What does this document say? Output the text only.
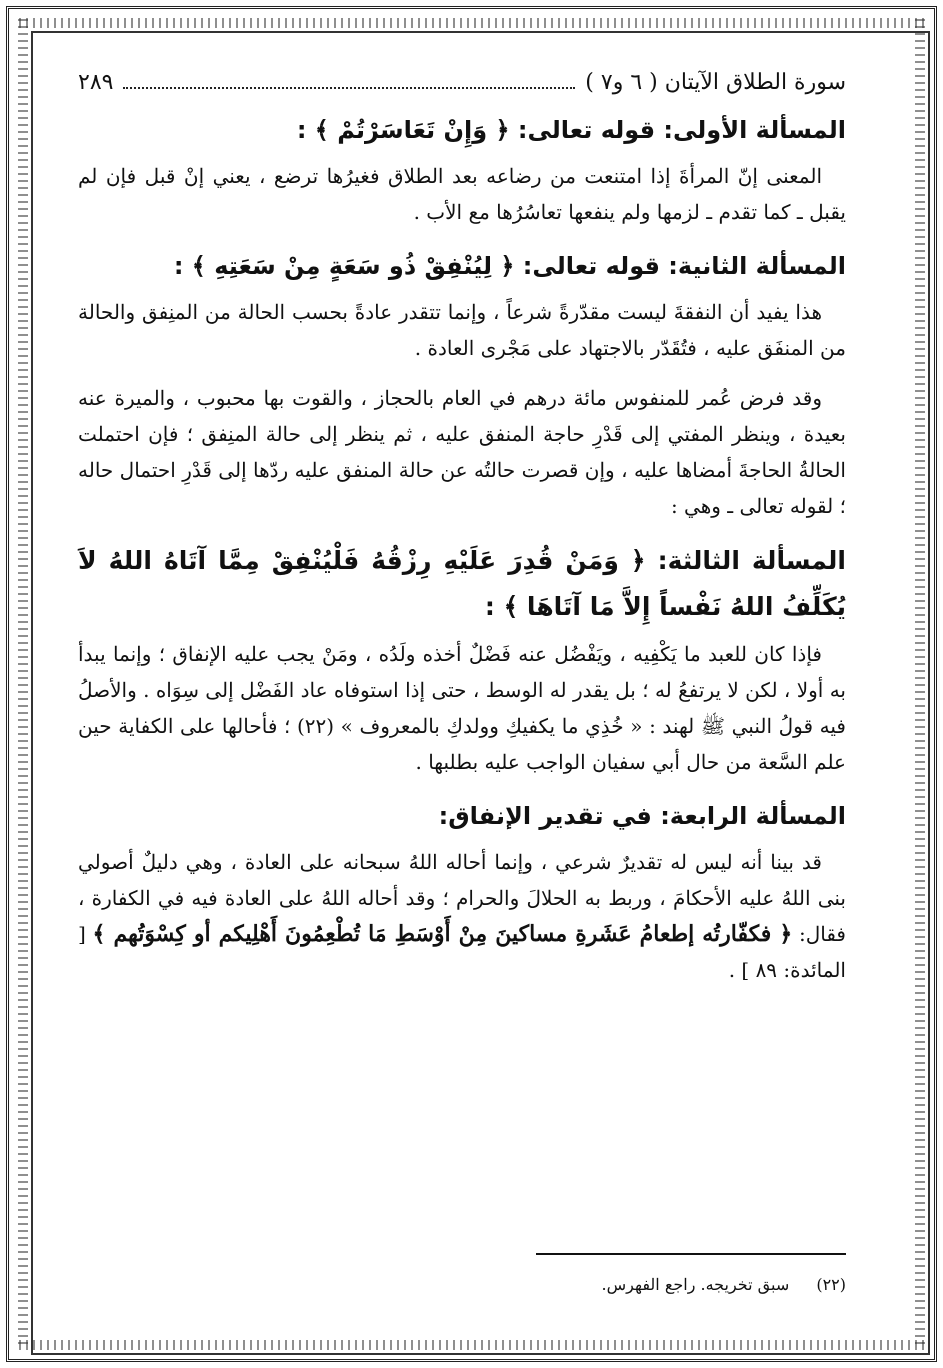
سورة الطلاق الآيتان ( ٦ و٧ )
٢٨٩
المسألة الأولى: قوله تعالى: ﴿ وَإِنْ تَعَاسَرْتُمْ ﴾ :

المعنى إنّ المرأةَ إذا امتنعت من رضاعه بعد الطلاق فغيرُها ترضع ، يعني إنْ قبل فإن لم يقبل ـ كما تقدم ـ لزمها ولم ينفعها تعاسُرُها مع الأب .

المسألة الثانية: قوله تعالى: ﴿ لِيُنْفِقْ ذُو سَعَةٍ مِنْ سَعَتِهِ ﴾ :

هذا يفيد أن النفقةَ ليست مقدّرةً شرعاً ، وإنما تتقدر عادةً بحسب الحالة من المنِفق والحالة من المنفَق عليه ، فتُقَدّر بالاجتهاد على مَجْرى العادة .

وقد فرض عُمر للمنفوس مائة درهم في العام بالحجاز ، والقوت بها محبوب ، والميرة عنه بعيدة ، وينظر المفتي إلى قَدْرِ حاجة المنفق عليه ، ثم ينظر إلى حالة المنِفق ؛ فإن احتملت الحالةُ الحاجةَ أمضاها عليه ، وإن قصرت حالتُه عن حالة المنفق عليه ردّها إلى قَدْرِ احتمال حاله ؛ لقوله تعالى ـ وهي :

المسألة الثالثة: ﴿ وَمَنْ قُدِرَ عَلَيْهِ رِزْقُهُ فَلْيُنْفِقْ مِمَّا آتَاهُ اللهُ لاَ يُكَلِّفُ اللهُ نَفْساً إِلاَّ مَا آتَاهَا ﴾ :

فإذا كان للعبد ما يَكْفِيه ، ويَفْضُل عنه فَضْلٌ أخذه ولَدُه ، ومَنْ يجب عليه الإنفاق ؛ وإنما يبدأ به أولا ، لكن لا يرتفعُ له ؛ بل يقدر له الوسط ، حتى إذا استوفاه عاد الفَضْل إلى سِوَاه . والأصلُ فيه قولُ النبي ﷺ لهند : « خُذِي ما يكفيكِ وولدكِ بالمعروف » (٢٢) ؛ فأحالها على الكفاية حين علم السَّعة من حال أبي سفيان الواجب عليه بطلبها .

المسألة الرابعة: في تقدير الإنفاق:

قد بينا أنه ليس له تقديرٌ شرعي ، وإنما أحاله اللهُ سبحانه على العادة ، وهي دليلٌ أصولي بنى اللهُ عليه الأحكامَ ، وربط به الحلالَ والحرام ؛ وقد أحاله اللهُ على العادة فيه في الكفارة ، فقال: ﴿ فكفّارتُه إطعامُ عَشَرةِ مساكينَ مِنْ أَوْسَطِ مَا تُطْعِمُونَ أَهْلِيكم أو كِسْوَتُهم ﴾ [ المائدة: ٨٩ ] .

(٢٢) سبق تخريجه. راجع الفهرس.
